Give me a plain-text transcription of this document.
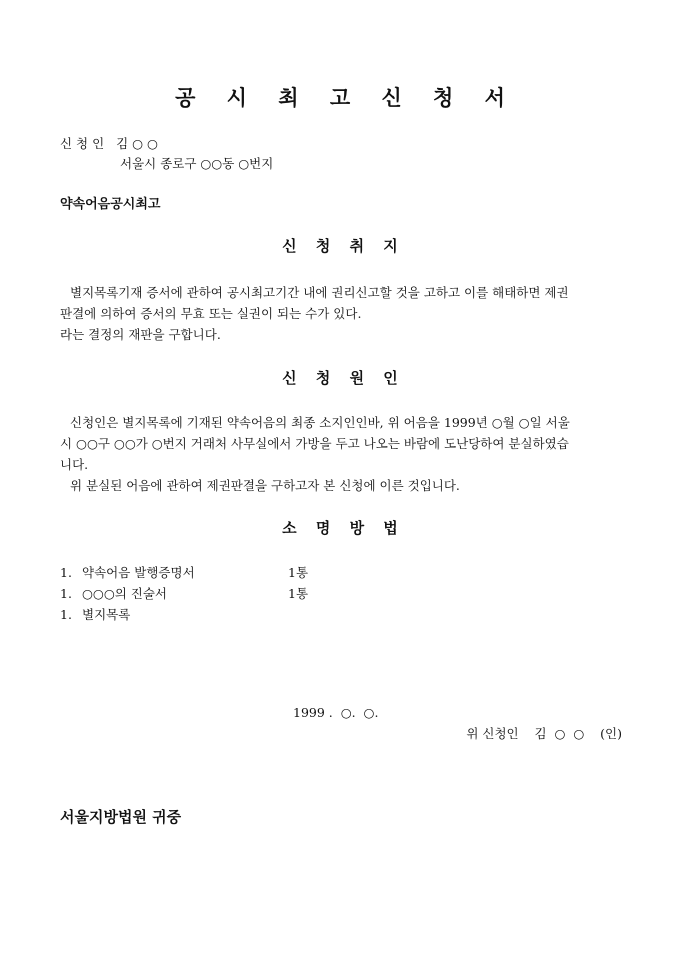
공 시 최 고 신 청 서
신 청 인 김 ○ ○
서울시 종로구 ○○동 ○번지
약속어음공시최고
신 청 취 지
별지목록기재 증서에 관하여 공시최고기간 내에 권리신고할 것을 고하고 이를 해태하면 제권
판결에 의하여 증서의 무효 또는 실권이 되는 수가 있다.
라는 결정의 재판을 구합니다.
신 청 원 인
신청인은 별지목록에 기재된 약속어음의 최종 소지인인바, 위 어음을 1999년 ○월 ○일 서울
시 ○○구 ○○가 ○번지 거래처 사무실에서 가방을 두고 나오는 바람에 도난당하여 분실하였습
니다.
위 분실된 어음에 관하여 제권판결을 구하고자 본 신청에 이른 것입니다.
소 명 방 법
1. 약속어음 발행증명서	1통
1. ○○○의 진술서	1통
1. 별지목록
1999 .  ○.  ○.
위 신청인    김  ○  ○    (인)
서울지방법원 귀중
